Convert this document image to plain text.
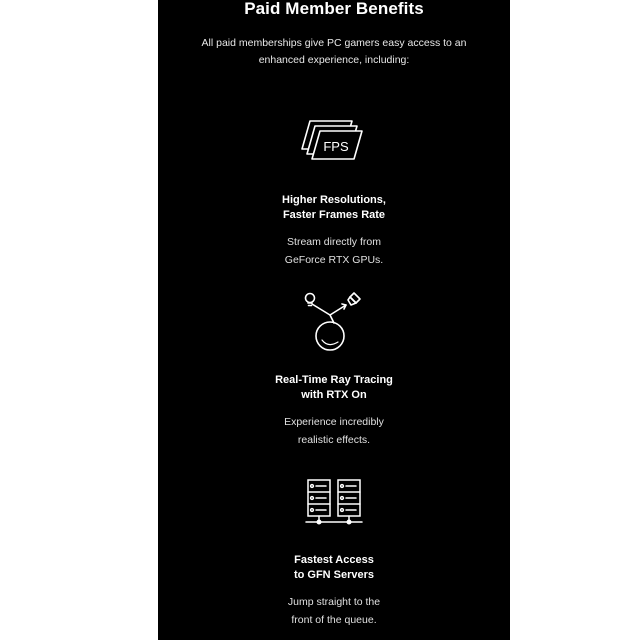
Paid Member Benefits
All paid memberships give PC gamers easy access to an
enhanced experience, including:
FPS
Higher Resolutions,
Faster Frames Rate
Stream directly from
GeForce RTX GPUs.
Real-Time Ray Tracing
with RTX On
Experience incredibly
realistic effects.
Fastest Access
to GFN Servers
Jump straight to the
front of the queue.
